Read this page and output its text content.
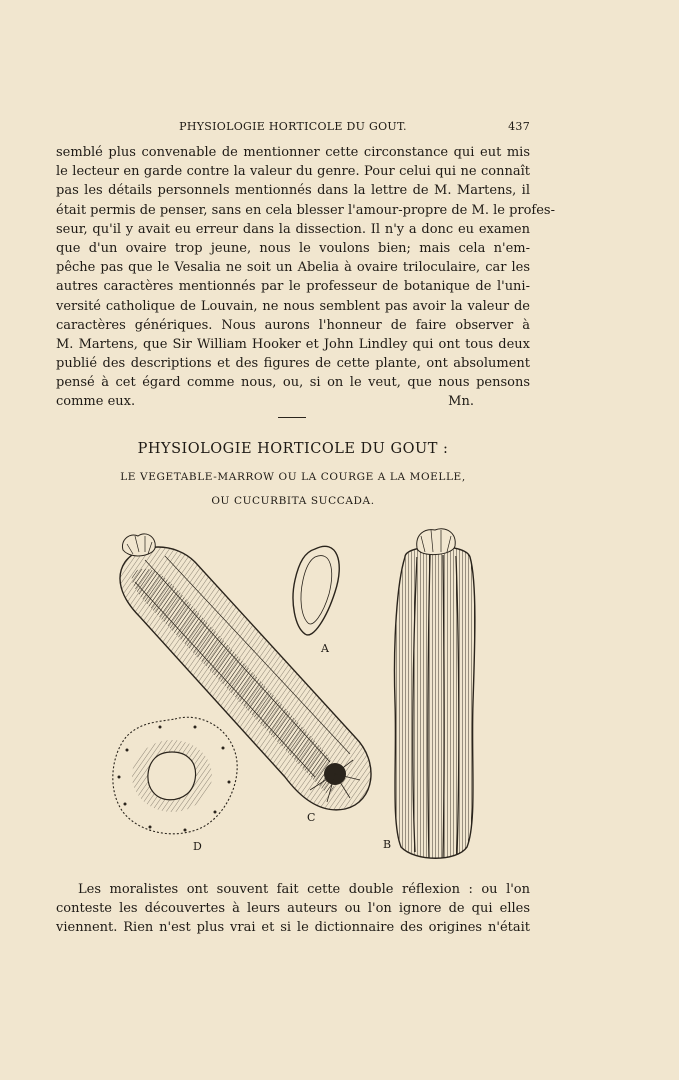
PHYSIOLOGIE HORTICOLE DU GOUT.	437
semblé plus convenable de mentionner cette circonstance qui eut mis
le lecteur en garde contre la valeur du genre. Pour celui qui ne connaît
pas les détails personnels mentionnés dans la lettre de M. Martens, il
était permis de penser, sans en cela blesser l'amour-propre de M. le profes-
seur, qu'il y avait eu erreur dans la dissection. Il n'y a donc eu examen
que d'un ovaire trop jeune, nous le voulons bien; mais cela n'em-
pêche pas que le Vesalia ne soit un Abelia à ovaire triloculaire, car les
autres caractères mentionnés par le professeur de botanique de l'uni-
versité catholique de Louvain, ne nous semblent pas avoir la valeur de
caractères génériques. Nous aurons l'honneur de faire observer à
M. Martens, que Sir William Hooker et John Lindley qui ont tous deux
publié des descriptions et des figures de cette plante, ont absolument
pensé à cet égard comme nous, ou, si on le veut, que nous pensons
comme eux.	Mn.
PHYSIOLOGIE HORTICOLE DU GOUT :
LE VEGETABLE-MARROW OU LA COURGE A LA MOELLE,
OU CUCURBITA SUCCADA.
A
B
C
D
Les moralistes ont souvent fait cette double réflexion : ou l'on
conteste les découvertes à leurs auteurs ou l'on ignore de qui elles
viennent. Rien n'est plus vrai et si le dictionnaire des origines n'était
